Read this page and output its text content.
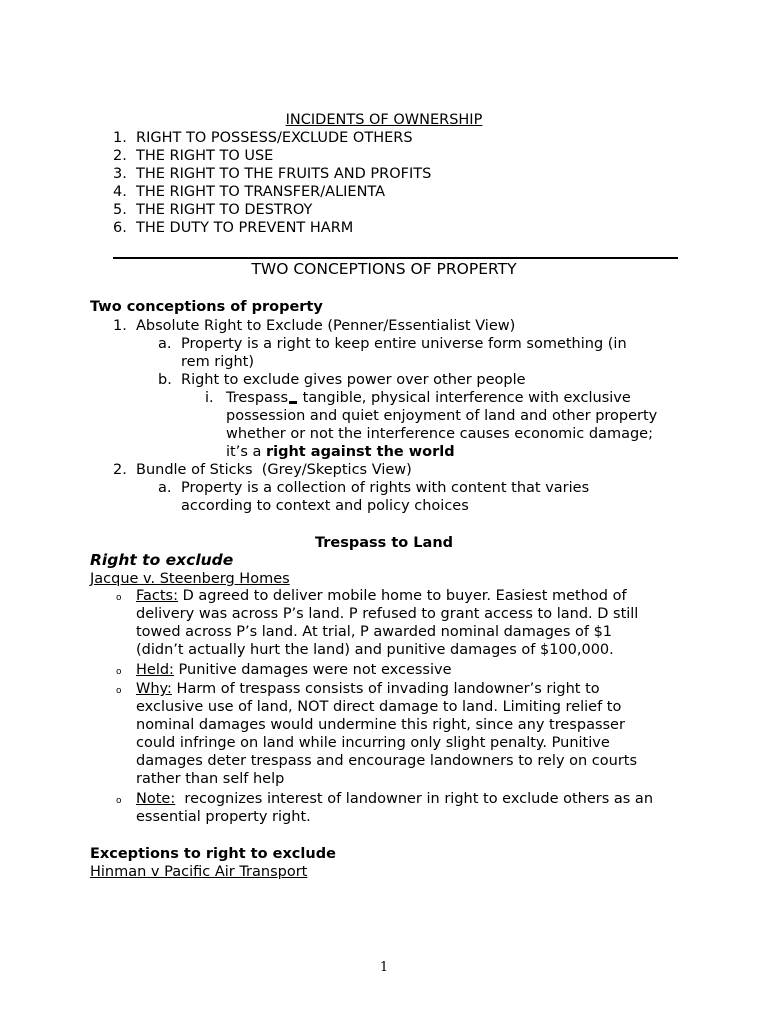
INCIDENTS OF OWNERSHIP
1. RIGHT TO POSSESS/EXCLUDE OTHERS
2. THE RIGHT TO USE
3. THE RIGHT TO THE FRUITS AND PROFITS
4. THE RIGHT TO TRANSFER/ALIENTA
5. THE RIGHT TO DESTROY
6. THE DUTY TO PREVENT HARM
TWO CONCEPTIONS OF PROPERTY
Two conceptions of property
1. Absolute Right to Exclude (Penner/Essentialist View)
a. Property is a right to keep entire universe form something (in
rem right)
b. Right to exclude gives power over other people
i. Trespass tangible, physical interference with exclusive
possession and quiet enjoyment of land and other property
whether or not the interference causes economic damage;
it’s a right against the world
2. Bundle of Sticks  (Grey/Skeptics View)
a. Property is a collection of rights with content that varies
according to context and policy choices
Trespass to Land
Right to exclude
Jacque v. Steenberg Homes
o Facts: D agreed to deliver mobile home to buyer. Easiest method of
delivery was across P’s land. P refused to grant access to land. D still
towed across P’s land. At trial, P awarded nominal damages of $1
(didn’t actually hurt the land) and punitive damages of $100,000.
o Held: Punitive damages were not excessive
o Why: Harm of trespass consists of invading landowner’s right to
exclusive use of land, NOT direct damage to land. Limiting relief to
nominal damages would undermine this right, since any trespasser
could infringe on land while incurring only slight penalty. Punitive
damages deter trespass and encourage landowners to rely on courts
rather than self help
o Note:  recognizes interest of landowner in right to exclude others as an
essential property right.
Exceptions to right to exclude
Hinman v Pacific Air Transport
1
